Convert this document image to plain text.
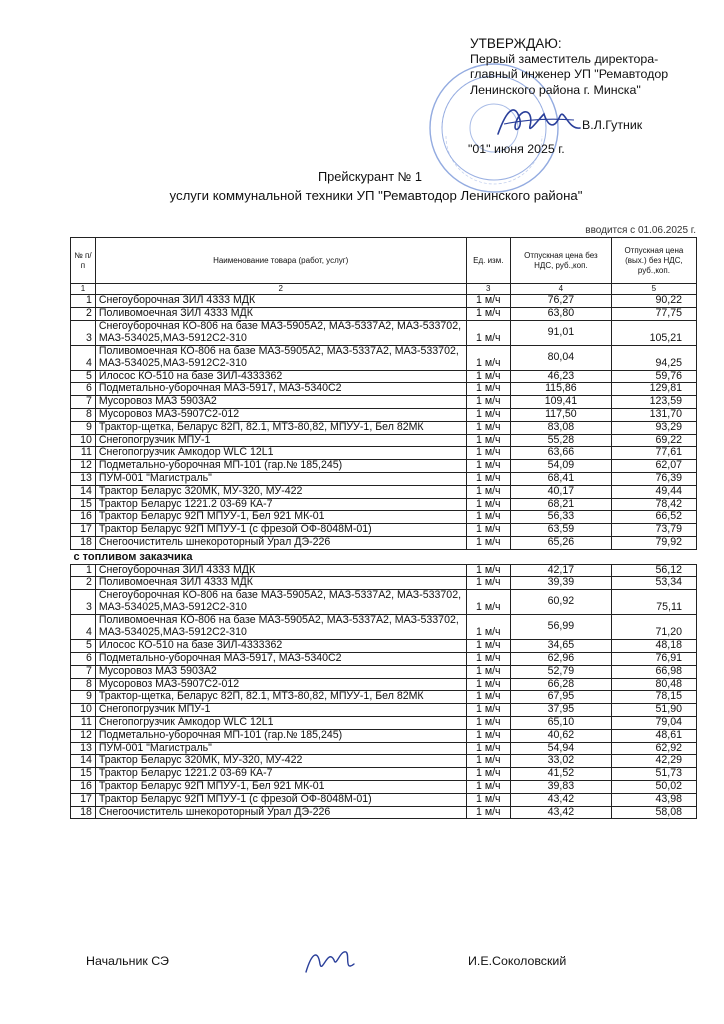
УТВЕРЖДАЮ:
Первый заместитель директора-
главный инженер УП "Ремавтодор
Ленинского района г. Минска"
В.Л.Гутник
"01" июня 2025 г.
Прейскурант № 1
услуги коммунальной техники УП "Ремавтодор Ленинского района"
вводится с 01.06.2025 г.
№ п/п	Наименование товара (работ, услуг)	Ед. изм.	Отпускная цена без НДС, руб.,коп.	Отпускная цена (вых.) без НДС, руб.,коп.
1	2	3	4	5
1	Снегоуборочная ЗИЛ 4333 МДК	1 м/ч	76,27	90,22
2	Поливомоечная ЗИЛ 4333 МДК	1 м/ч	63,80	77,75
3	Снегоуборочная КО-806 на базе МАЗ-5905А2, МАЗ-5337А2, МАЗ-533702, МАЗ-534025,МАЗ-5912С2-310	1 м/ч	91,01	105,21
4	Поливомоечная КО-806 на базе МАЗ-5905А2, МАЗ-5337А2, МАЗ-533702, МАЗ-534025,МАЗ-5912С2-310	1 м/ч	80,04	94,25
5	Илосос КО-510 на базе ЗИЛ-4333362	1 м/ч	46,23	59,76
6	Подметально-уборочная МАЗ-5917, МАЗ-5340С2	1 м/ч	115,86	129,81
7	Мусоровоз МАЗ 5903А2	1 м/ч	109,41	123,59
8	Мусоровоз МАЗ-5907С2-012	1 м/ч	117,50	131,70
9	Трактор-щетка, Беларус 82П, 82.1, МТЗ-80,82, МПУУ-1, Бел 82МК	1 м/ч	83,08	93,29
10	Снегопогрузчик МПУ-1	1 м/ч	55,28	69,22
11	Снегопогрузчик Амкодор WLC 12L1	1 м/ч	63,66	77,61
12	Подметально-уборочная МП-101 (гар.№ 185,245)	1 м/ч	54,09	62,07
13	ПУМ-001 "Магистраль"	1 м/ч	68,41	76,39
14	Трактор Беларус 320МК, МУ-320, МУ-422	1 м/ч	40,17	49,44
15	Трактор Беларус 1221.2 03-69 КА-7	1 м/ч	68,21	78,42
16	Трактор Беларус 92П МПУУ-1, Бел 921 МК-01	1 м/ч	56,33	66,52
17	Трактор Беларус 92П МПУУ-1 (с фрезой ОФ-8048М-01)	1 м/ч	63,59	73,79
18	Снегоочиститель шнекороторный Урал ДЭ-226	1 м/ч	65,26	79,92
с топливом заказчика				
1	Снегоуборочная ЗИЛ 4333 МДК	1 м/ч	42,17	56,12
2	Поливомоечная ЗИЛ 4333 МДК	1 м/ч	39,39	53,34
3	Снегоуборочная КО-806 на базе МАЗ-5905А2, МАЗ-5337А2, МАЗ-533702, МАЗ-534025,МАЗ-5912С2-310	1 м/ч	60,92	75,11
4	Поливомоечная КО-806 на базе МАЗ-5905А2, МАЗ-5337А2, МАЗ-533702, МАЗ-534025,МАЗ-5912С2-310	1 м/ч	56,99	71,20
5	Илосос КО-510 на базе ЗИЛ-4333362	1 м/ч	34,65	48,18
6	Подметально-уборочная МАЗ-5917, МАЗ-5340С2	1 м/ч	62,96	76,91
7	Мусоровоз МАЗ 5903А2	1 м/ч	52,79	66,98
8	Мусоровоз МАЗ-5907С2-012	1 м/ч	66,28	80,48
9	Трактор-щетка, Беларус 82П, 82.1, МТЗ-80,82, МПУУ-1, Бел 82МК	1 м/ч	67,95	78,15
10	Снегопогрузчик МПУ-1	1 м/ч	37,95	51,90
11	Снегопогрузчик Амкодор WLC 12L1	1 м/ч	65,10	79,04
12	Подметально-уборочная МП-101 (гар.№ 185,245)	1 м/ч	40,62	48,61
13	ПУМ-001 "Магистраль"	1 м/ч	54,94	62,92
14	Трактор Беларус 320МК, МУ-320, МУ-422	1 м/ч	33,02	42,29
15	Трактор Беларус 1221.2 03-69 КА-7	1 м/ч	41,52	51,73
16	Трактор Беларус 92П МПУУ-1, Бел 921 МК-01	1 м/ч	39,83	50,02
17	Трактор Беларус 92П МПУУ-1 (с фрезой ОФ-8048М-01)	1 м/ч	43,42	43,98
18	Снегоочиститель шнекороторный Урал ДЭ-226	1 м/ч	43,42	58,08
Начальник СЭ	И.Е.Соколовский
